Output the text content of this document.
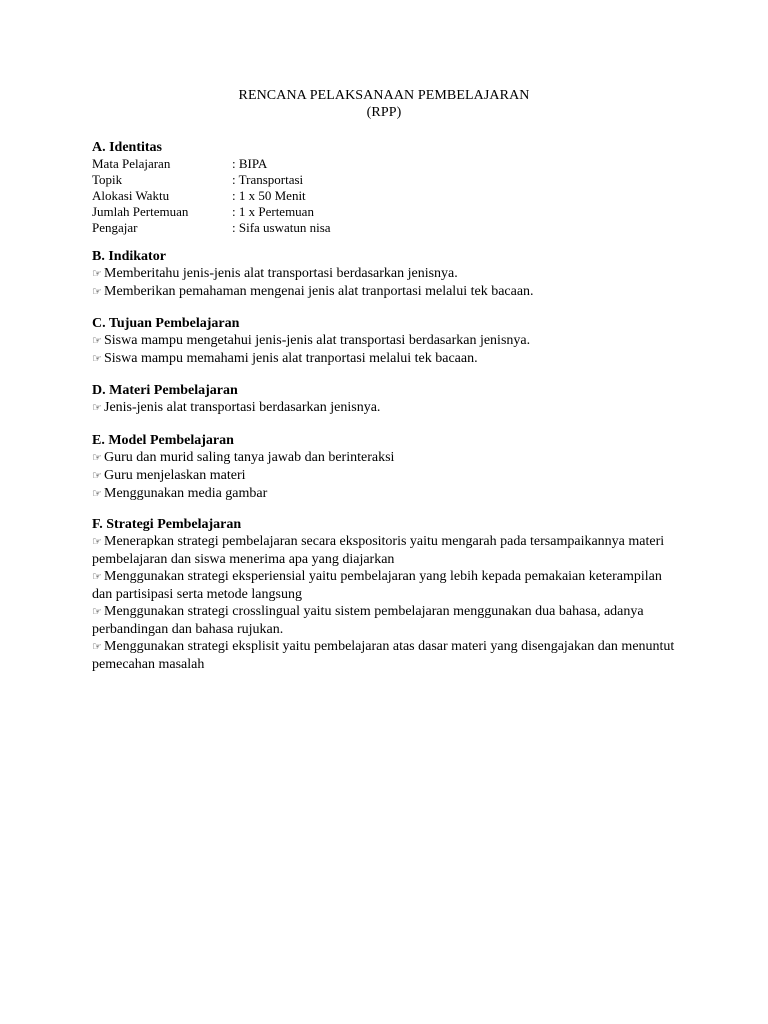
RENCANA PELAKSANAAN PEMBELAJARAN
(RPP)

A. Identitas

Mata Pelajaran	: BIPA
Topik	: Transportasi
Alokasi Waktu	: 1 x 50 Menit
Jumlah Pertemuan	: 1 x Pertemuan
Pengajar	: Sifa uswatun nisa

B. Indikator

☞ Memberitahu jenis-jenis alat transportasi berdasarkan jenisnya.

☞ Memberikan pemahaman mengenai jenis alat tranportasi melalui tek bacaan.

C. Tujuan Pembelajaran

☞ Siswa mampu mengetahui jenis-jenis alat transportasi berdasarkan jenisnya.

☞ Siswa mampu memahami jenis alat tranportasi melalui tek bacaan.

D. Materi Pembelajaran

☞ Jenis-jenis alat transportasi berdasarkan jenisnya.

E. Model Pembelajaran

☞ Guru dan murid saling tanya jawab dan berinteraksi

☞ Guru menjelaskan materi

☞ Menggunakan media gambar

F. Strategi Pembelajaran

☞ Menerapkan strategi pembelajaran secara ekspositoris yaitu mengarah pada tersampaikannya materi pembelajaran dan siswa menerima apa yang diajarkan

☞ Menggunakan strategi eksperiensial yaitu pembelajaran yang lebih kepada pemakaian keterampilan dan partisipasi serta metode langsung

☞ Menggunakan strategi crosslingual yaitu sistem pembelajaran menggunakan dua bahasa, adanya perbandingan dan bahasa rujukan.

☞ Menggunakan strategi eksplisit yaitu pembelajaran atas dasar materi yang disengajakan dan menuntut pemecahan masalah
